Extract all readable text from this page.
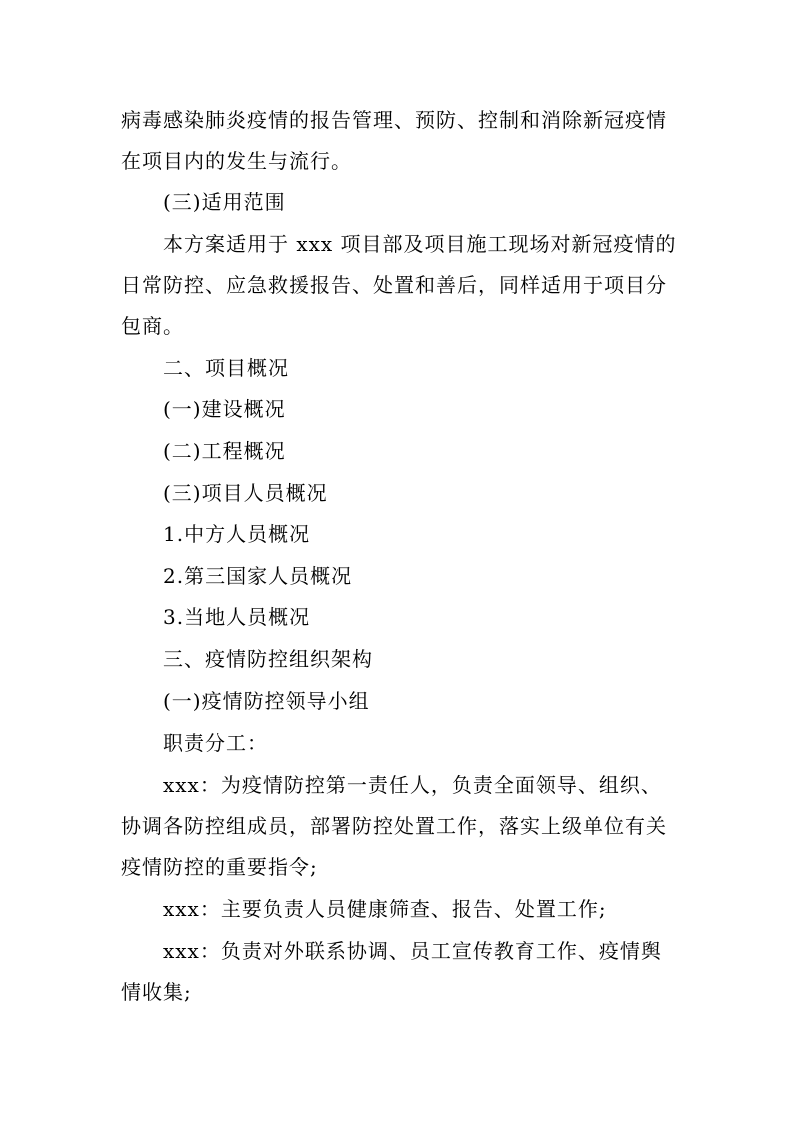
病毒感染肺炎疫情的报告管理、预防、控制和消除新冠疫情
在项目内的发生与流行。
(三)适用范围
本方案适用于 xxx 项目部及项目施工现场对新冠疫情的
日常防控、应急救援报告、处置和善后，同样适用于项目分
包商。
二、项目概况
(一)建设概况
(二)工程概况
(三)项目人员概况
1.中方人员概况
2.第三国家人员概况
3.当地人员概况
三、疫情防控组织架构
(一)疫情防控领导小组
职责分工：
xxx：为疫情防控第一责任人，负责全面领导、组织、
协调各防控组成员，部署防控处置工作，落实上级单位有关
疫情防控的重要指令;
xxx：主要负责人员健康筛查、报告、处置工作;
xxx：负责对外联系协调、员工宣传教育工作、疫情舆
情收集;
